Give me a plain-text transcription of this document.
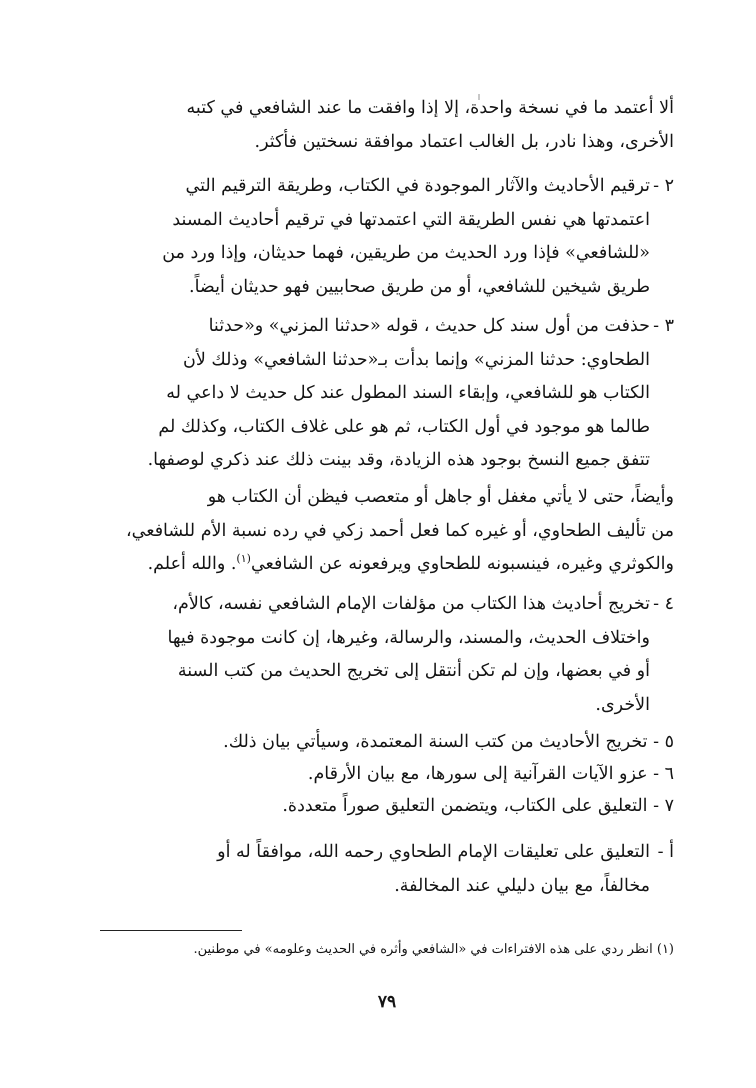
ألا أعتمد ما في نسخة واحدة، إلا إذا وافقت ما عند الشافعي في كتبه
الأخرى، وهذا نادر، بل الغالب اعتماد موافقة نسختين فأكثر.
٢ -
ترقيم الأحاديث والآثار الموجودة في الكتاب، وطريقة الترقيم التي
اعتمدتها هي نفس الطريقة التي اعتمدتها في ترقيم أحاديث المسند
«للشافعي» فإذا ورد الحديث من طريقين، فهما حديثان، وإذا ورد من
طريق شيخين للشافعي، أو من طريق صحابيين فهو حديثان أيضاً.
٣ -
حذفت من أول سند كل حديث ، قوله «حدثنا المزني» و«حدثنا
الطحاوي: حدثنا المزني» وإنما بدأت بـ«حدثنا الشافعي» وذلك لأن
الكتاب هو للشافعي، وإبقاء السند المطول عند كل حديث لا داعي له
طالما هو موجود في أول الكتاب، ثم هو على غلاف الكتاب، وكذلك لم
تتفق جميع النسخ بوجود هذه الزيادة، وقد بينت ذلك عند ذكري لوصفها.
وأيضاً، حتى لا يأتي مغفل أو جاهل أو متعصب فيظن أن الكتاب هو
من تأليف الطحاوي، أو غيره كما فعل أحمد زكي في رده نسبة الأم للشافعي،
والكوثري وغيره، فينسبونه للطحاوي ويرفعونه عن الشافعي$^{(١)}$. والله أعلم.
٤ -
تخريج أحاديث هذا الكتاب من مؤلفات الإمام الشافعي نفسه، كالأم،
واختلاف الحديث، والمسند، والرسالة، وغيرها، إن كانت موجودة فيها
أو في بعضها، وإن لم تكن أنتقل إلى تخريج الحديث من كتب السنة
الأخرى.
٥ - تخريج الأحاديث من كتب السنة المعتمدة، وسيأتي بيان ذلك.
٦ - عزو الآيات القرآنية إلى سورها، مع بيان الأرقام.
٧ - التعليق على الكتاب، ويتضمن التعليق صوراً متعددة.
أ -
التعليق على تعليقات الإمام الطحاوي رحمه الله، موافقاً له أو
مخالفاً، مع بيان دليلي عند المخالفة.
(١) انظر ردي على هذه الافتراءات في «الشافعي وأثره في الحديث وعلومه» في موطنين.
٧٩
